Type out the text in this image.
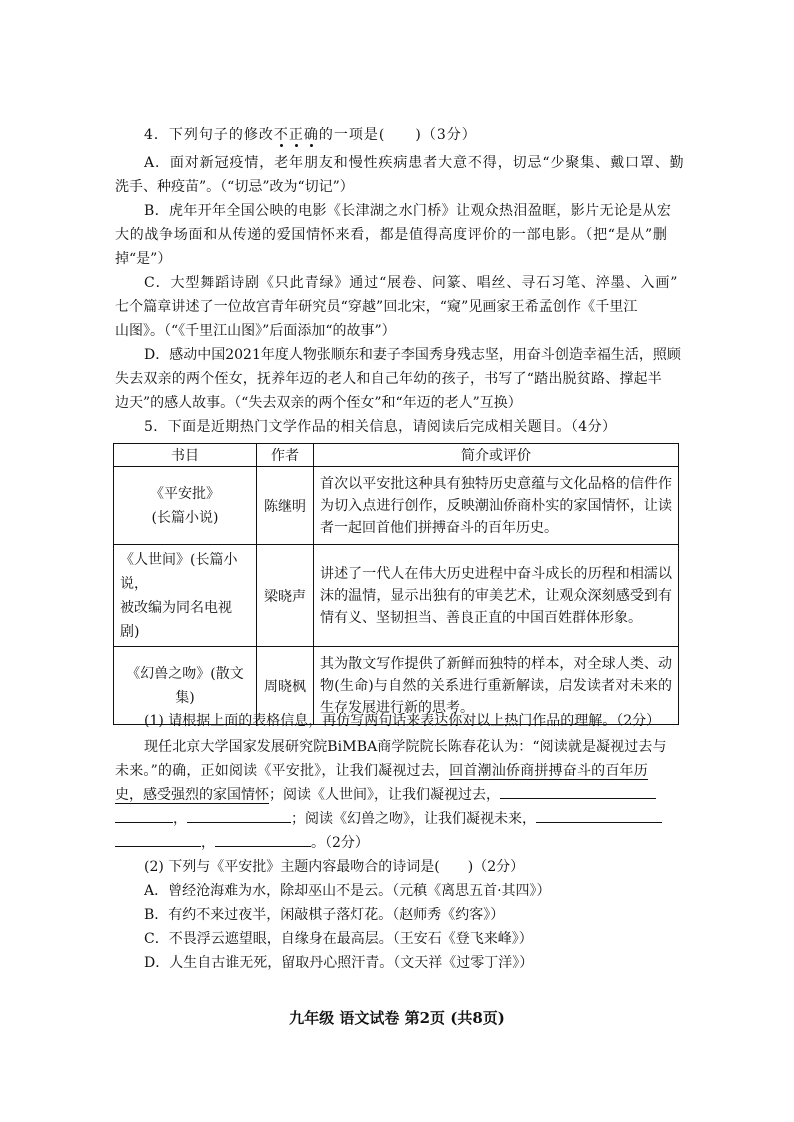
4．下列句子的修改不正确的一项是(　　)（3分）
A．面对新冠疫情，老年朋友和慢性疾病患者大意不得，切忌“少聚集、戴口罩、勤
洗手、种疫苗”。（“切忌”改为“切记”）
B．虎年开年全国公映的电影《长津湖之水门桥》让观众热泪盈眶，影片无论是从宏
大的战争场面和从传递的爱国情怀来看，都是值得高度评价的一部电影。（把“是从”删
掉“是”）
C．大型舞蹈诗剧《只此青绿》通过“展卷、问篆、唱丝、寻石习笔、淬墨、入画”
七个篇章讲述了一位故宫青年研究员“穿越”回北宋，“窥”见画家王希孟创作《千里江
山图》。（“《千里江山图》”后面添加“的故事”）
D．感动中国2021年度人物张顺东和妻子李国秀身残志坚，用奋斗创造幸福生活，照顾
失去双亲的两个侄女，抚养年迈的老人和自己年幼的孩子，书写了“踏出脱贫路、撑起半
边天”的感人故事。（“失去双亲的两个侄女”和“年迈的老人”互换）
5．下面是近期热门文学作品的相关信息，请阅读后完成相关题目。（4分）
书目	作者	简介或评价

《平安批》
(长篇小说)	陈继明	首次以平安批这种具有独特历史意蕴与文化品格的信件作为切入点进行创作，反映潮汕侨商朴实的家国情怀，让读者一起回首他们拼搏奋斗的百年历史。

《人世间》(长篇小说，
被改编为同名电视剧)	梁晓声	讲述了一代人在伟大历史进程中奋斗成长的历程和相濡以沫的温情，显示出独有的审美艺术，让观众深刻感受到有情有义、坚韧担当、善良正直的中国百姓群体形象。

《幻兽之吻》(散文集)	周晓枫	其为散文写作提供了新鲜而独特的样本，对全球人类、动物(生命)与自然的关系进行重新解读，启发读者对未来的生存发展进行新的思考。
(1) 请根据上面的表格信息，再仿写两句话来表达你对以上热门作品的理解。（2分）
现任北京大学国家发展研究院BiMBA商学院院长陈春花认为：“阅读就是凝视过去与
未来。”的确，正如阅读《平安批》，让我们凝视过去，回首潮汕侨商拼搏奋斗的百年历
史，感受强烈的家国情怀；阅读《人世间》，让我们凝视过去，
，	；阅读《幻兽之吻》，让我们凝视未来，
，	。（2分）
(2) 下列与《平安批》主题内容最吻合的诗词是(　　)（2分）
A．曾经沧海难为水，除却巫山不是云。（元稹《离思五首·其四》）
B．有约不来过夜半，闲敲棋子落灯花。（赵师秀《约客》）
C．不畏浮云遮望眼，自缘身在最高层。（王安石《登飞来峰》）
D．人生自古谁无死，留取丹心照汗青。（文天祥《过零丁洋》）
九年级 语文试卷 第2页 (共8页)
